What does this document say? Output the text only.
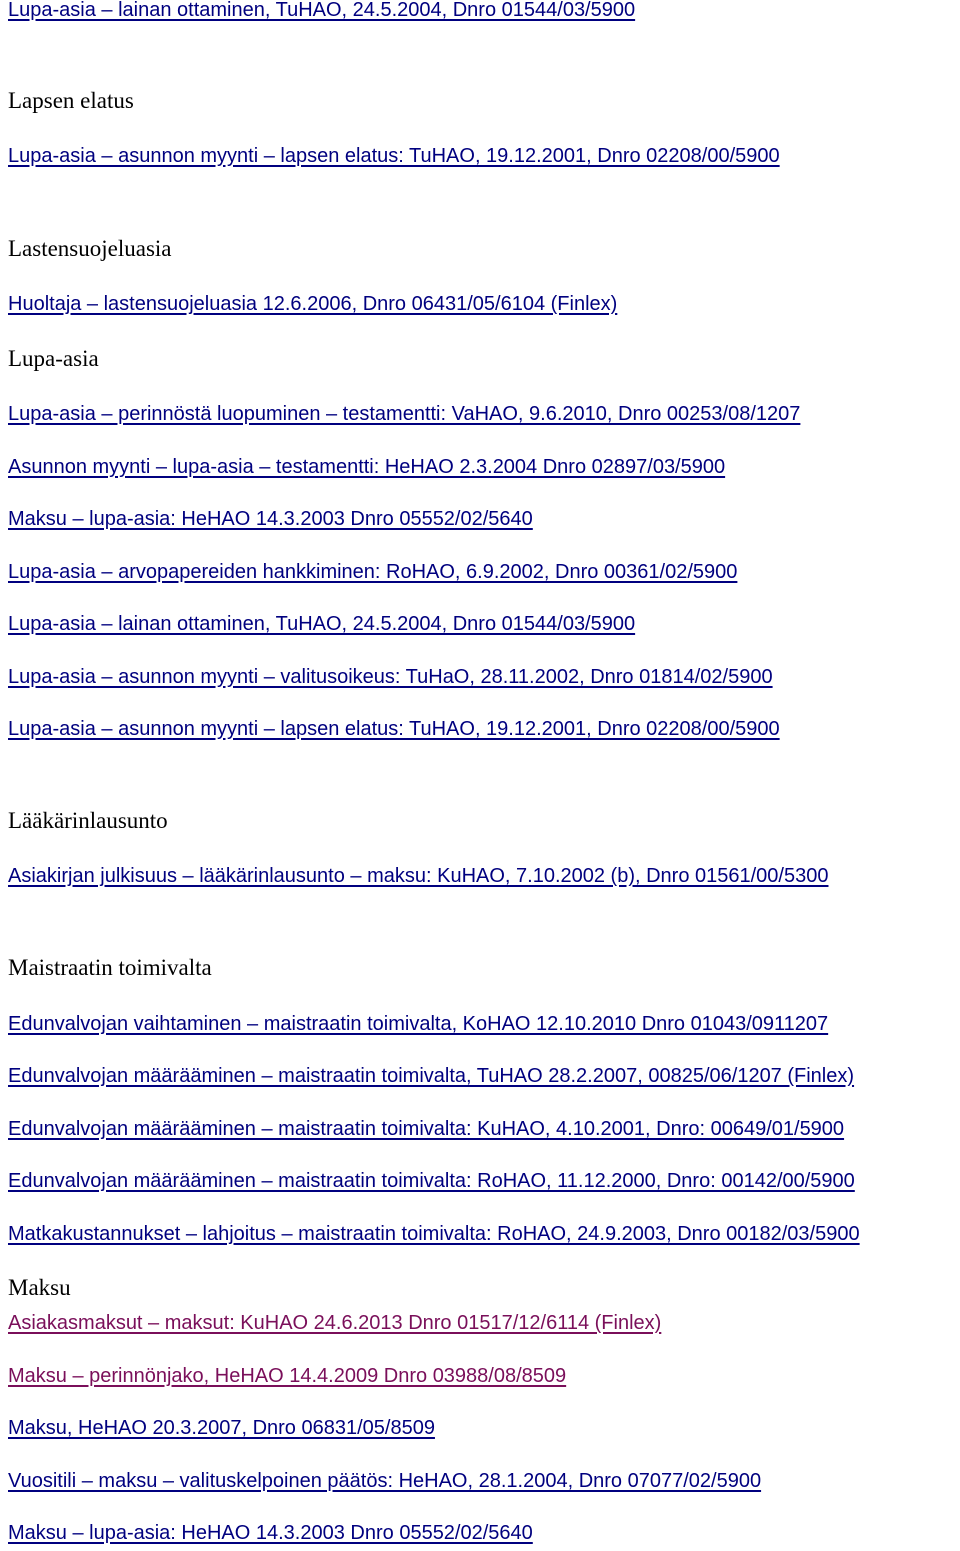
Lupa-asia – lainan ottaminen, TuHAO, 24.5.2004, Dnro 01544/03/5900
Lapsen elatus
Lupa-asia – asunnon myynti – lapsen elatus: TuHAO, 19.12.2001, Dnro 02208/00/5900
Lastensuojeluasia
Huoltaja – lastensuojeluasia 12.6.2006, Dnro 06431/05/6104 (Finlex)
Lupa-asia
Lupa-asia – perinnöstä luopuminen – testamentti: VaHAO, 9.6.2010, Dnro 00253/08/1207
Asunnon myynti – lupa-asia – testamentti: HeHAO 2.3.2004 Dnro 02897/03/5900
Maksu – lupa-asia: HeHAO 14.3.2003 Dnro 05552/02/5640
Lupa-asia – arvopapereiden hankkiminen: RoHAO, 6.9.2002, Dnro 00361/02/5900
Lupa-asia – lainan ottaminen, TuHAO, 24.5.2004, Dnro 01544/03/5900
Lupa-asia – asunnon myynti – valitusoikeus: TuHaO, 28.11.2002, Dnro 01814/02/5900
Lupa-asia – asunnon myynti – lapsen elatus: TuHAO, 19.12.2001, Dnro 02208/00/5900
Lääkärinlausunto
Asiakirjan julkisuus – lääkärinlausunto – maksu: KuHAO, 7.10.2002 (b), Dnro 01561/00/5300
Maistraatin toimivalta
Edunvalvojan vaihtaminen – maistraatin toimivalta, KoHAO 12.10.2010 Dnro 01043/0911207
Edunvalvojan määrääminen – maistraatin toimivalta, TuHAO 28.2.2007, 00825/06/1207 (Finlex)
Edunvalvojan määrääminen – maistraatin toimivalta: KuHAO, 4.10.2001, Dnro: 00649/01/5900
Edunvalvojan määrääminen – maistraatin toimivalta: RoHAO, 11.12.2000, Dnro: 00142/00/5900
Matkakustannukset – lahjoitus – maistraatin toimivalta: RoHAO, 24.9.2003, Dnro 00182/03/5900
Maksu
Asiakasmaksut – maksut: KuHAO 24.6.2013 Dnro 01517/12/6114 (Finlex)
Maksu – perinnönjako, HeHAO 14.4.2009 Dnro 03988/08/8509
Maksu, HeHAO 20.3.2007, Dnro 06831/05/8509
Vuositili – maksu – valituskelpoinen päätös: HeHAO, 28.1.2004, Dnro 07077/02/5900
Maksu – lupa-asia: HeHAO 14.3.2003 Dnro 05552/02/5640
